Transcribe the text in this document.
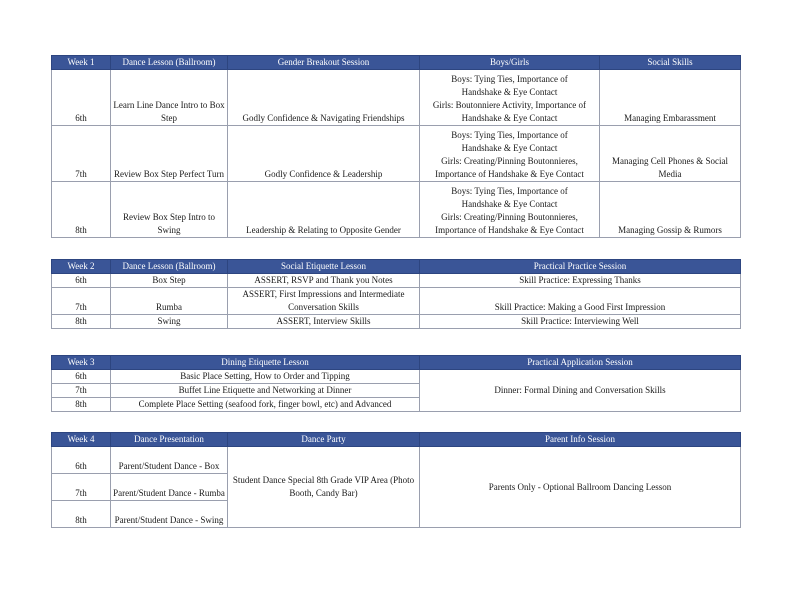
Week 1	Dance Lesson (Ballroom)	Gender Breakout Session	Boys/Girls	Social Skills
6th	Learn Line Dance Intro to Box Step	Godly Confidence & Navigating Friendships	Boys: Tying Ties, Importance of
Handshake & Eye Contact
Girls: Boutonniere Activity, Importance of
Handshake & Eye Contact	Managing Embarassment
7th	Review Box Step Perfect Turn	Godly Confidence & Leadership	Boys: Tying Ties, Importance of
Handshake & Eye Contact
Girls: Creating/Pinning Boutonnieres,
Importance of Handshake & Eye Contact	Managing Cell Phones & Social Media
8th	Review Box Step Intro to Swing	Leadership & Relating to Opposite Gender	Boys: Tying Ties, Importance of
Handshake & Eye Contact
Girls: Creating/Pinning Boutonnieres,
Importance of Handshake & Eye Contact	Managing Gossip & Rumors
Week 2	Dance Lesson (Ballroom)	Social Etiquette Lesson	Practical Practice Session
6th	Box Step	ASSERT, RSVP and Thank you Notes	Skill Practice: Expressing Thanks
7th	Rumba	ASSERT, First Impressions and Intermediate Conversation Skills	Skill Practice: Making a Good First Impression
8th	Swing	ASSERT, Interview Skills	Skill Practice: Interviewing Well
Week 3	Dining Etiquette Lesson	Practical Application Session
6th	Basic Place Setting, How to Order and Tipping	Dinner: Formal Dining and Conversation Skills
7th	Buffet Line Etiquette and Networking at Dinner	
8th	Complete Place Setting (seafood fork, finger bowl, etc) and Advanced	
Week 4	Dance Presentation	Dance Party	Parent Info Session
6th	Parent/Student Dance - Box	Student Dance Special 8th Grade VIP Area (Photo Booth, Candy Bar)	Parents Only - Optional Ballroom Dancing Lesson
7th	Parent/Student Dance - Rumba		
8th	Parent/Student Dance - Swing		
